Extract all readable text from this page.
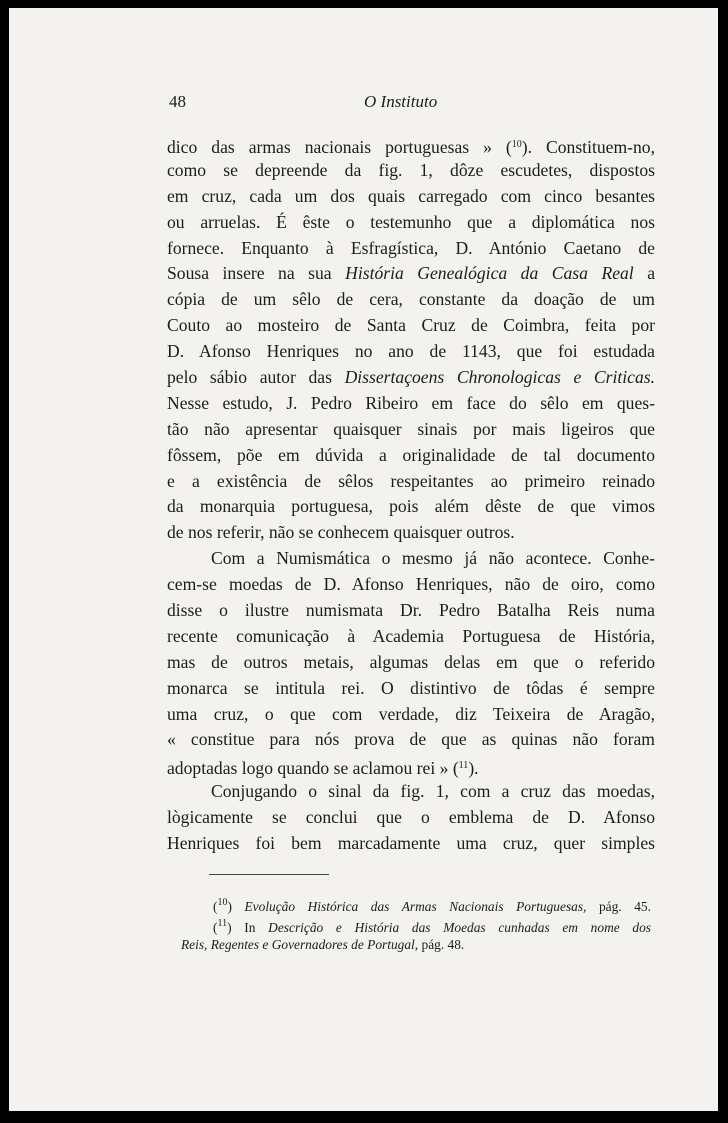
48	O Instituto
dico das armas nacionais portuguesas » ($^{10}$). Constituem-no,
como se depreende da fig. 1, dôze escudetes, dispostos
em cruz, cada um dos quais carregado com cinco besantes
ou arruelas. É êste o testemunho que a diplomática nos
fornece. Enquanto à Esfragística, D. António Caetano de
Sousa insere na sua História Genealógica da Casa Real a
cópia de um sêlo de cera, constante da doação de um
Couto ao mosteiro de Santa Cruz de Coimbra, feita por
D. Afonso Henriques no ano de 1143, que foi estudada
pelo sábio autor das Dissertaçoens Chronologicas e Criticas.
Nesse estudo, J. Pedro Ribeiro em face do sêlo em ques-
tão não apresentar quaisquer sinais por mais ligeiros que
fôssem, põe em dúvida a originalidade de tal documento
e a existência de sêlos respeitantes ao primeiro reinado
da monarquia portuguesa, pois além dêste de que vimos
de nos referir, não se conhecem quaisquer outros.
Com a Numismática o mesmo já não acontece. Conhe-
cem-se moedas de D. Afonso Henriques, não de oiro, como
disse o ilustre numismata Dr. Pedro Batalha Reis numa
recente comunicação à Academia Portuguesa de História,
mas de outros metais, algumas delas em que o referido
monarca se intitula rei. O distintivo de tôdas é sempre
uma cruz, o que com verdade, diz Teixeira de Aragão,
« constitue para nós prova de que as quinas não foram
adoptadas logo quando se aclamou rei » ($^{11}$).
Conjugando o sinal da fig. 1, com a cruz das moedas,
lògicamente se conclui que o emblema de D. Afonso
Henriques foi bem marcadamente uma cruz, quer simples
($^{10}$) Evolução Histórica das Armas Nacionais Portuguesas, pág. 45.
($^{11}$) In Descrição e História das Moedas cunhadas em nome dos
Reis, Regentes e Governadores de Portugal, pág. 48.
